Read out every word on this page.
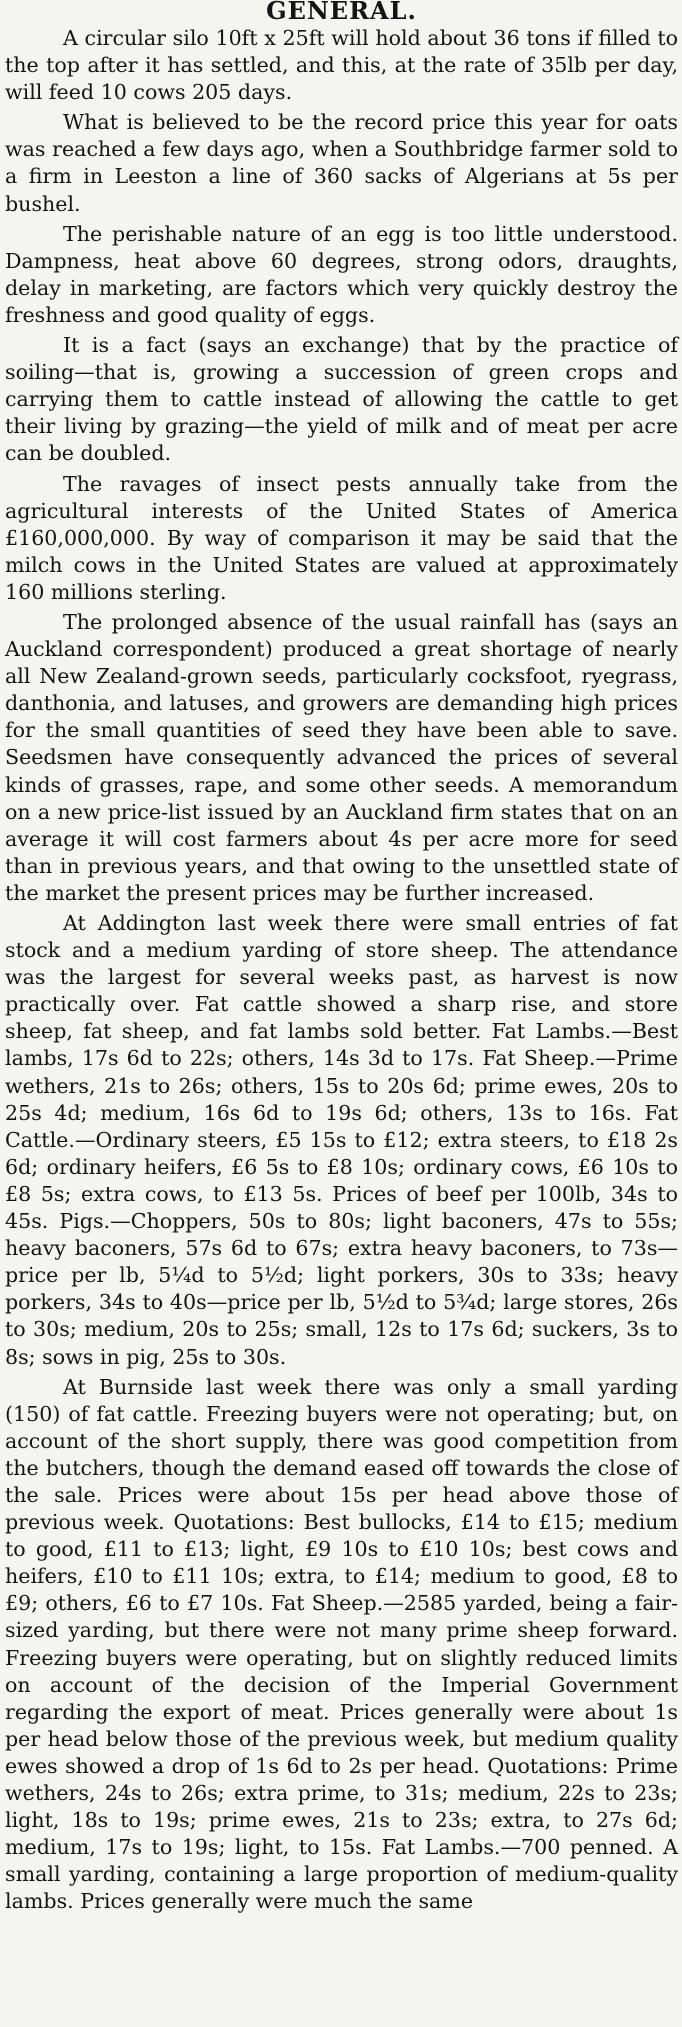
GENERAL.

A circular silo 10ft x 25ft will hold about 36 tons if filled to the top after it has settled, and this, at the rate of 35lb per day, will feed 10 cows 205 days.

What is believed to be the record price this year for oats was reached a few days ago, when a Southbridge farmer sold to a firm in Leeston a line of 360 sacks of Algerians at 5s per bushel.

The perishable nature of an egg is too little understood. Dampness, heat above 60 degrees, strong odors, draughts, delay in marketing, are factors which very quickly destroy the freshness and good quality of eggs.

It is a fact (says an exchange) that by the practice of soiling—that is, growing a succession of green crops and carrying them to cattle instead of allowing the cattle to get their living by grazing—the yield of milk and of meat per acre can be doubled.

The ravages of insect pests annually take from the agricultural interests of the United States of America £160,000,000. By way of comparison it may be said that the milch cows in the United States are valued at approximately 160 millions sterling.

The prolonged absence of the usual rainfall has (says an Auckland correspondent) produced a great shortage of nearly all New Zealand-grown seeds, particularly cocksfoot, ryegrass, danthonia, and latuses, and growers are demanding high prices for the small quantities of seed they have been able to save. Seedsmen have consequently advanced the prices of several kinds of grasses, rape, and some other seeds. A memorandum on a new price-list issued by an Auckland firm states that on an average it will cost farmers about 4s per acre more for seed than in previous years, and that owing to the unsettled state of the market the present prices may be further increased.

At Addington last week there were small entries of fat stock and a medium yarding of store sheep. The attendance was the largest for several weeks past, as harvest is now practically over. Fat cattle showed a sharp rise, and store sheep, fat sheep, and fat lambs sold better. Fat Lambs.—Best lambs, 17s 6d to 22s; others, 14s 3d to 17s. Fat Sheep.—Prime wethers, 21s to 26s; others, 15s to 20s 6d; prime ewes, 20s to 25s 4d; medium, 16s 6d to 19s 6d; others, 13s to 16s. Fat Cattle.—Ordinary steers, £5 15s to £12; extra steers, to £18 2s 6d; ordinary heifers, £6 5s to £8 10s; ordinary cows, £6 10s to £8 5s; extra cows, to £13 5s. Prices of beef per 100lb, 34s to 45s. Pigs.—Choppers, 50s to 80s; light baconers, 47s to 55s; heavy baconers, 57s 6d to 67s; extra heavy baconers, to 73s—price per lb, 5¼d to 5½d; light porkers, 30s to 33s; heavy porkers, 34s to 40s—price per lb, 5½d to 5¾d; large stores, 26s to 30s; medium, 20s to 25s; small, 12s to 17s 6d; suckers, 3s to 8s; sows in pig, 25s to 30s.

At Burnside last week there was only a small yarding (150) of fat cattle. Freezing buyers were not operating; but, on account of the short supply, there was good competition from the butchers, though the demand eased off towards the close of the sale. Prices were about 15s per head above those of previous week. Quotations: Best bullocks, £14 to £15; medium to good, £11 to £13; light, £9 10s to £10 10s; best cows and heifers, £10 to £11 10s; extra, to £14; medium to good, £8 to £9; others, £6 to £7 10s. Fat Sheep.—2585 yarded, being a fair-sized yarding, but there were not many prime sheep forward. Freezing buyers were operating, but on slightly reduced limits on account of the decision of the Imperial Government regarding the export of meat. Prices generally were about 1s per head below those of the previous week, but medium quality ewes showed a drop of 1s 6d to 2s per head. Quotations: Prime wethers, 24s to 26s; extra prime, to 31s; medium, 22s to 23s; light, 18s to 19s; prime ewes, 21s to 23s; extra, to 27s 6d; medium, 17s to 19s; light, to 15s. Fat Lambs.—700 penned. A small yarding, containing a large proportion of medium-quality lambs. Prices generally were much the same
